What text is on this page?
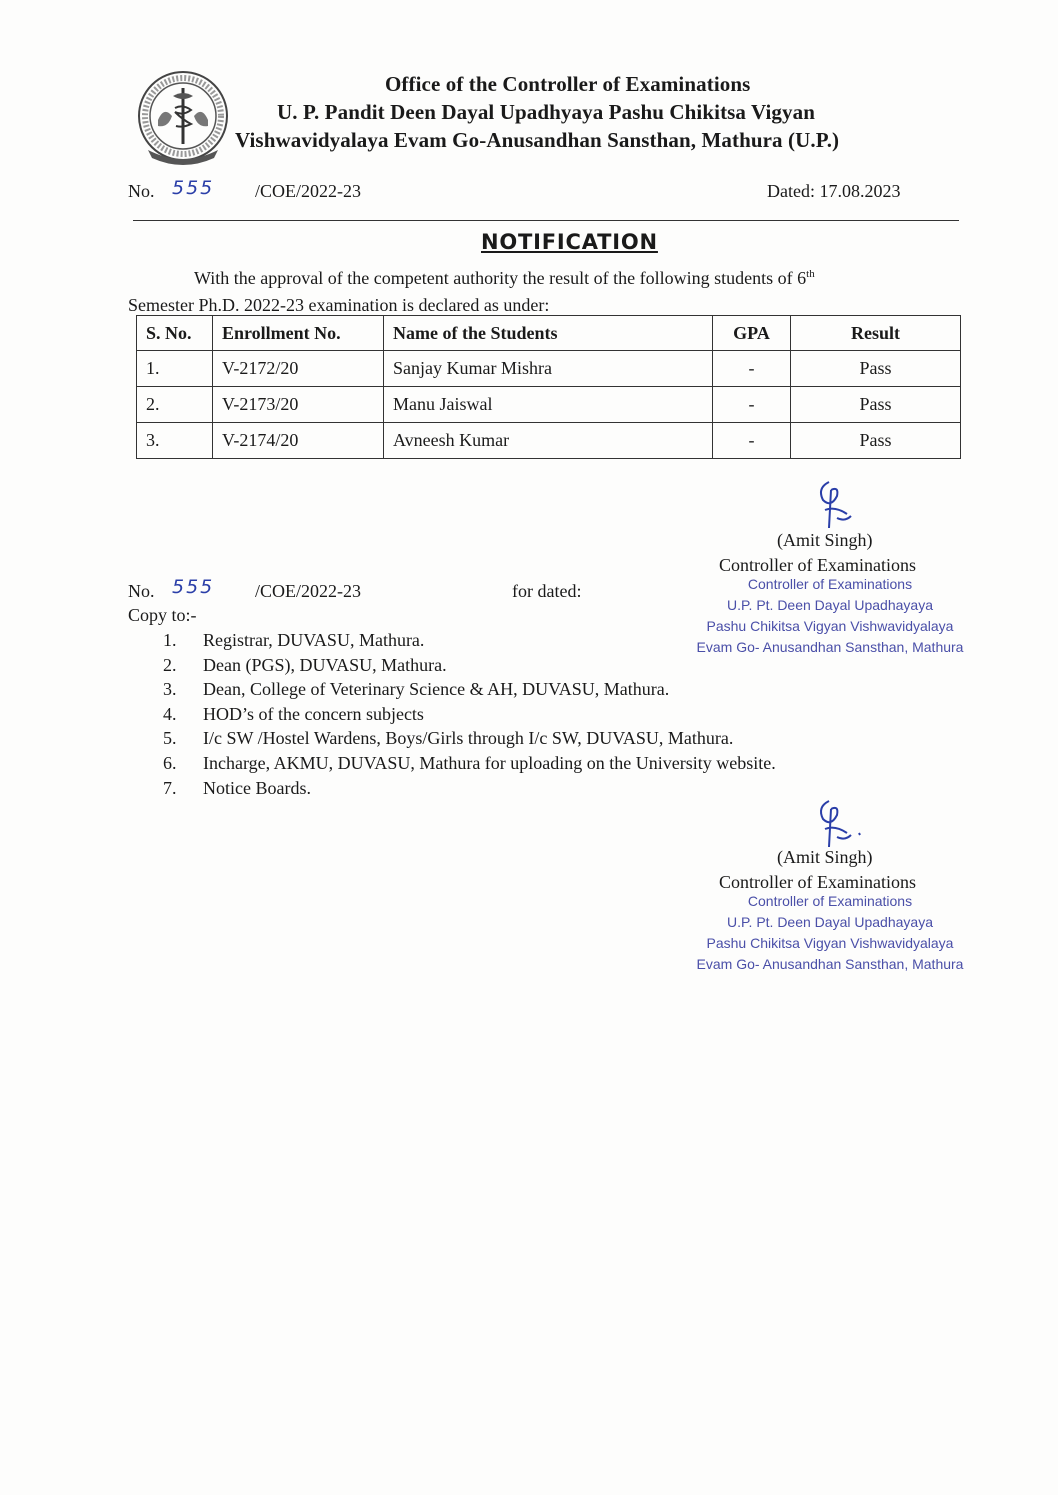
Office of the Controller of Examinations
U. P. Pandit Deen Dayal Upadhyaya Pashu Chikitsa Vigyan
Vishwavidyalaya Evam Go-Anusandhan Sansthan, Mathura (U.P.)
No. 555 /COE/2022-23	Dated: 17.08.2023
NOTIFICATION
With the approval of the competent authority the result of the following students of 6th
Semester Ph.D. 2022-23 examination is declared as under:
S. No.	Enrollment No.	Name of the Students	GPA	Result
1.	V-2172/20	Sanjay Kumar Mishra	-	Pass
2.	V-2173/20	Manu Jaiswal	-	Pass
3.	V-2174/20	Avneesh Kumar	-	Pass
(Amit Singh)
Controller of Examinations
Controller of Examinations
U.P. Pt. Deen Dayal Upadhayaya
Pashu Chikitsa Vigyan Vishwavidyalaya
Evam Go- Anusandhan Sansthan, Mathura
No. 555 /COE/2022-23	for dated:
Copy to:-
1. Registrar, DUVASU, Mathura.
2. Dean (PGS), DUVASU, Mathura.
3. Dean, College of Veterinary Science & AH, DUVASU, Mathura.
4. HOD’s of the concern subjects
5. I/c SW /Hostel Wardens, Boys/Girls through I/c SW, DUVASU, Mathura.
6. Incharge, AKMU, DUVASU, Mathura for uploading on the University website.
7. Notice Boards.
(Amit Singh)
Controller of Examinations
Controller of Examinations
U.P. Pt. Deen Dayal Upadhayaya
Pashu Chikitsa Vigyan Vishwavidyalaya
Evam Go- Anusandhan Sansthan, Mathura
